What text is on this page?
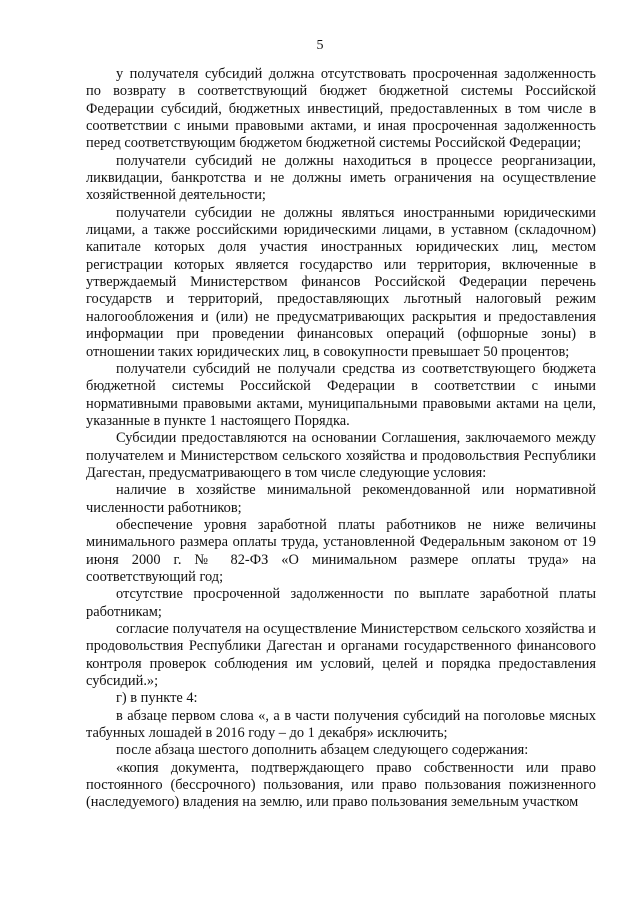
5

у получателя субсидий должна отсутствовать просроченная задолженность по возврату в соответствующий бюджет бюджетной системы Российской Федерации субсидий, бюджетных инвестиций, предоставленных в том числе в соответствии с иными правовыми актами, и иная просроченная задолженность перед соответствующим бюджетом бюджетной системы Российской Федерации;

получатели субсидий не должны находиться в процессе реорганизации, ликвидации, банкротства и не должны иметь ограничения на осуществление хозяйственной деятельности;

получатели субсидии не должны являться иностранными юридическими лицами, а также российскими юридическими лицами, в уставном (складочном) капитале которых доля участия иностранных юридических лиц, местом регистрации которых является государство или территория, включенные в утверждаемый Министерством финансов Российской Федерации перечень государств и территорий, предоставляющих льготный налоговый режим налогообложения и (или) не предусматривающих раскрытия и предоставления информации при проведении финансовых операций (офшорные зоны) в отношении таких юридических лиц, в совокупности превышает 50 процентов;

получатели субсидий не получали средства из соответствующего бюджета бюджетной системы Российской Федерации в соответствии с иными нормативными правовыми актами, муниципальными правовыми актами на цели, указанные в пункте 1 настоящего Порядка.

Субсидии предоставляются на основании Соглашения, заключаемого между получателем и Министерством сельского хозяйства и продовольствия Республики Дагестан, предусматривающего в том числе следующие условия:

наличие в хозяйстве минимальной рекомендованной или нормативной численности работников;

обеспечение уровня заработной платы работников не ниже величины минимального размера оплаты труда, установленной Федеральным законом от 19 июня 2000 г. № 82-ФЗ «О минимальном размере оплаты труда» на соответствующий год;

отсутствие просроченной задолженности по выплате заработной платы работникам;

согласие получателя на осуществление Министерством сельского хозяйства и продовольствия Республики Дагестан и органами государственного финансового контроля проверок соблюдения им условий, целей и порядка предоставления субсидий.»;

г) в пункте 4:

в абзаце первом слова «, а в части получения субсидий на поголовье мясных табунных лошадей в 2016 году – до 1 декабря» исключить;

после абзаца шестого дополнить абзацем следующего содержания:

«копия документа, подтверждающего право собственности или право постоянного (бессрочного) пользования, или право пользования пожизненного (наследуемого) владения на землю, или право пользования земельным участком
